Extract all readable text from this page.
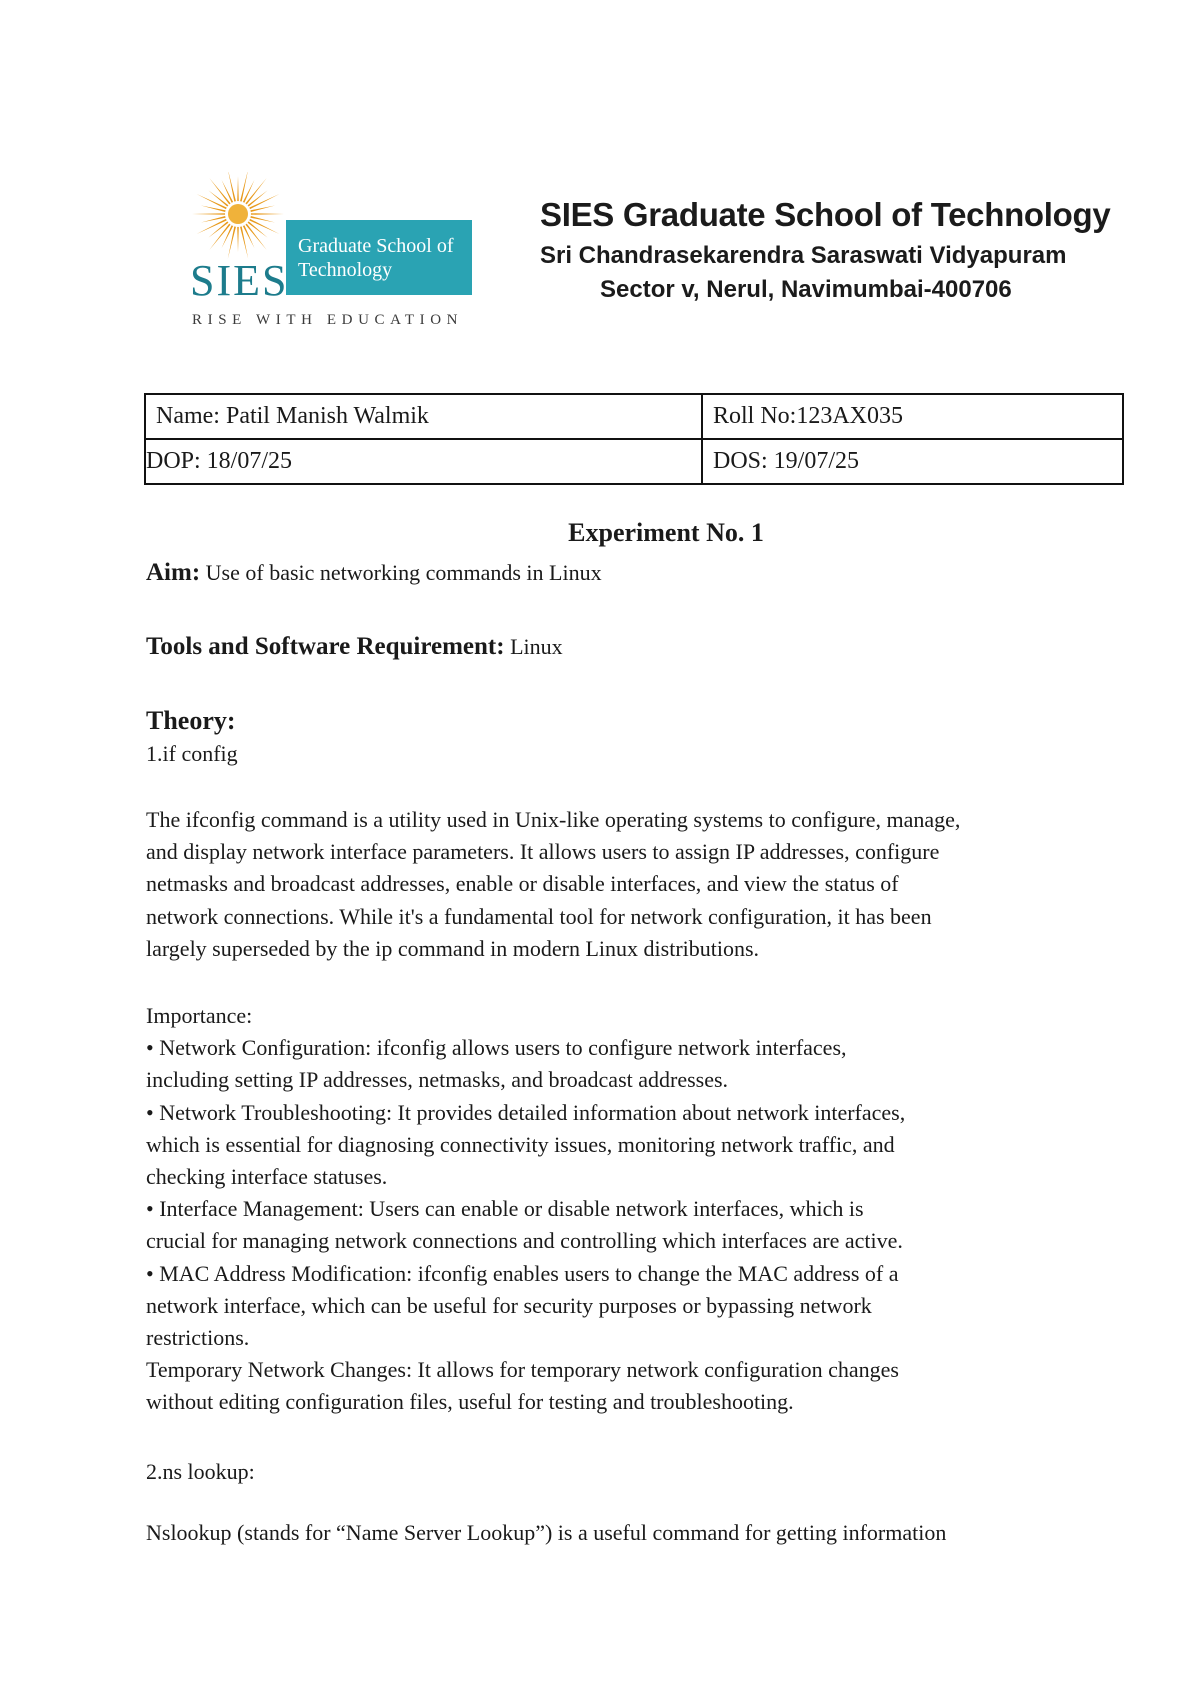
Graduate School of
Technology
SIES
RISE WITH EDUCATION
SIES Graduate School of Technology
Sri Chandrasekarendra Saraswati Vidyapuram
Sector v, Nerul, Navimumbai-400706
Name: Patil Manish Walmik	Roll No:123AX035
DOP: 18/07/25	DOS: 19/07/25
Experiment No. 1
Aim: Use of basic networking commands in Linux
Tools and Software Requirement: Linux
Theory:
1.if config
The ifconfig command is a utility used in Unix-like operating systems to configure, manage,
and display network interface parameters. It allows users to assign IP addresses, configure
netmasks and broadcast addresses, enable or disable interfaces, and view the status of
network connections. While it's a fundamental tool for network configuration, it has been
largely superseded by the ip command in modern Linux distributions.
Importance:
• Network Configuration: ifconfig allows users to configure network interfaces,
including setting IP addresses, netmasks, and broadcast addresses.
• Network Troubleshooting: It provides detailed information about network interfaces,
which is essential for diagnosing connectivity issues, monitoring network traffic, and
checking interface statuses.
• Interface Management: Users can enable or disable network interfaces, which is
crucial for managing network connections and controlling which interfaces are active.
• MAC Address Modification: ifconfig enables users to change the MAC address of a
network interface, which can be useful for security purposes or bypassing network
restrictions.
Temporary Network Changes: It allows for temporary network configuration changes
without editing configuration files, useful for testing and troubleshooting.
2.ns lookup:
Nslookup (stands for “Name Server Lookup”) is a useful command for getting information
